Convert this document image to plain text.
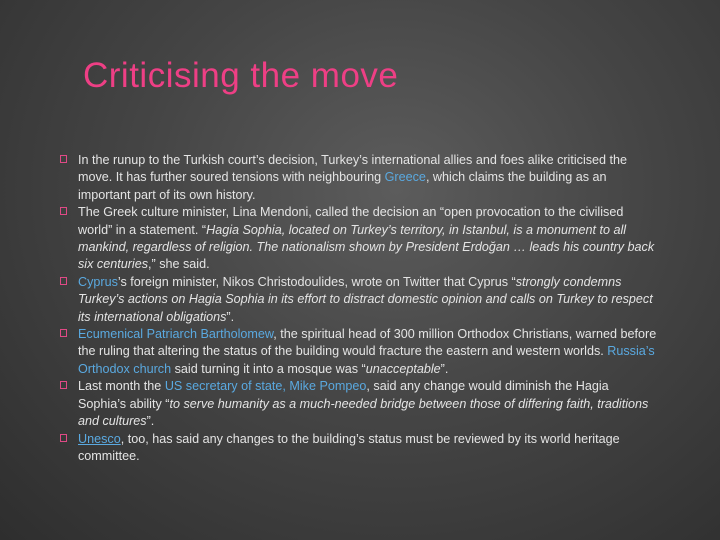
Criticising the move
In the runup to the Turkish court’s decision, Turkey’s international allies and foes alike criticised the move. It has further soured tensions with neighbouring Greece, which claims the building as an important part of its own history.
The Greek culture minister, Lina Mendoni, called the decision an “open provocation to the civilised world” in a statement. “Hagia Sophia, located on Turkey’s territory, in Istanbul, is a monument to all mankind, regardless of religion. The nationalism shown by President Erdoğan … leads his country back six centuries,” she said.
Cyprus’s foreign minister, Nikos Christodoulides, wrote on Twitter that Cyprus “strongly condemns Turkey’s actions on Hagia Sophia in its effort to distract domestic opinion and calls on Turkey to respect its international obligations”.
Ecumenical Patriarch Bartholomew, the spiritual head of 300 million Orthodox Christians, warned before the ruling that altering the status of the building would fracture the eastern and western worlds. Russia’s Orthodox church said turning it into a mosque was “unacceptable”.
Last month the US secretary of state, Mike Pompeo, said any change would diminish the Hagia Sophia’s ability “to serve humanity as a much-needed bridge between those of differing faith, traditions and cultures”.
Unesco, too, has said any changes to the building’s status must be reviewed by its world heritage committee.
